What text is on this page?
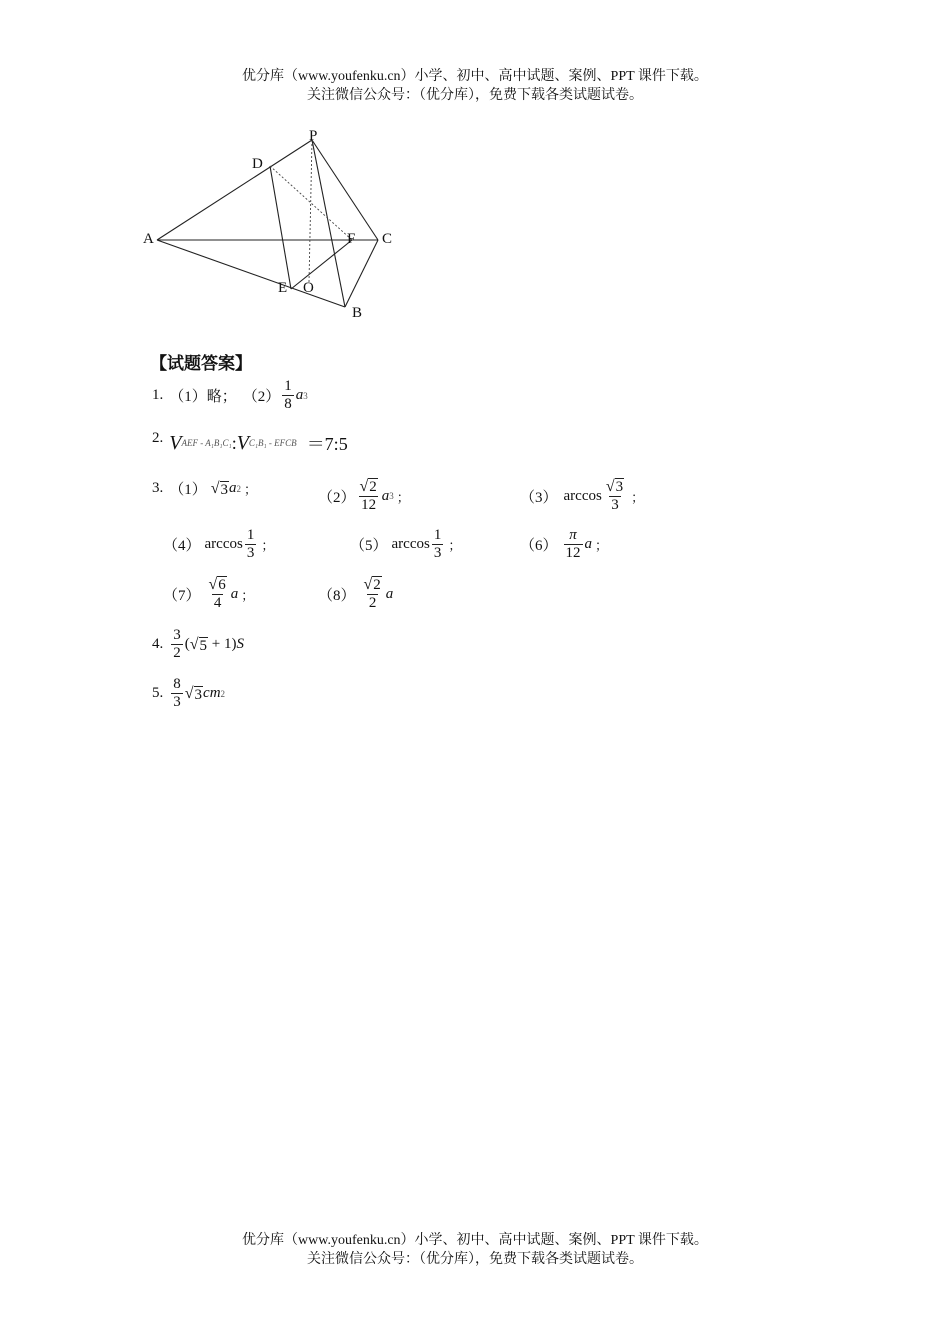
优分库（www.youfenku.cn）小学、初中、高中试题、案例、PPT 课件下载。
关注微信公众号：（优分库），免费下载各类试题试卷。
P
D
A	F C
E O
B
【试题答案】
1. （1）略； $(2) \frac{1}{8}$ a 3
2. V AEF - A₁B₁C₁ : V C₁B₁ - EFCB ＝7:5
3. （1） √ 3 a 2 ；	$(2) \frac{√ 2}{12}$ a 3 ；	（3） $\arccos \frac{√ 3}{3}$ ；
（4） $\arccos \frac{1}{3}$ ；	（5） $\arccos \frac{1}{3}$ ；	$(6) \frac{\pi}{12}$ a ；
$(7) \frac{√ 6}{4}$ a ；	$(8) \frac{√ 2}{2}$ a
4. $\frac{3}{2}$ ( √ 5 + 1) S
5. $\frac{8}{3}$ √ 3 cm 2
优分库（www.youfenku.cn）小学、初中、高中试题、案例、PPT 课件下载。
关注微信公众号：（优分库），免费下载各类试题试卷。
